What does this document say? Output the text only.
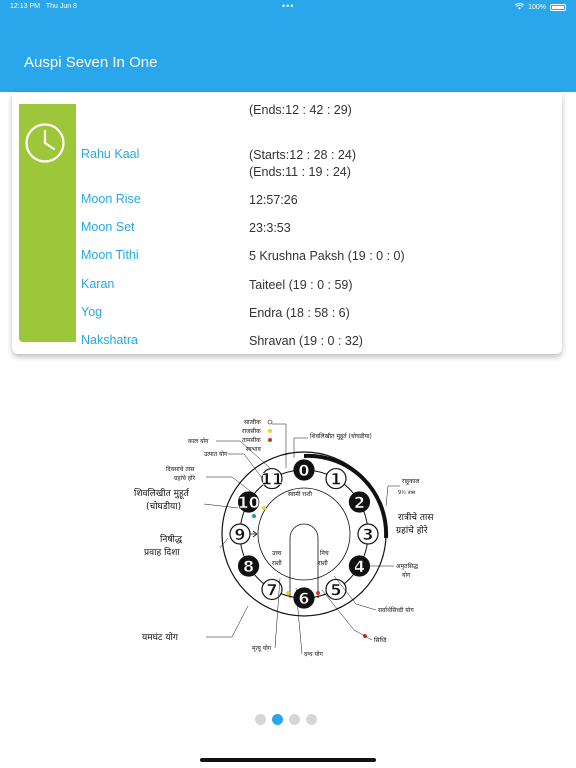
12:13 PM Thu Jun 8	•••	100%
Auspi Seven In One
(Ends:12 : 42 : 29)
Rahu Kaal	(Starts:12 : 28 : 24)
(Ends:11 : 19 : 24)
Moon Rise	12:57:26
Moon Set	23:3:53
Moon Tithi	5 Krushna Paksh (19 : 0 : 0)
Karan	Taiteel (19 : 0 : 59)
Yog	Endra (18 : 58 : 6)
Nakshatra	Shravan (19 : 0 : 32)
0 1
2
3
4
5
6
7
8
9
10
11
सात्वीक
राजसीक
तामसीक
स्वभाव
काल योग
उत्पात योग
दिवसाचे तास
ग्रहांचे होरे
शिवलिखीत मुहूर्त (चोघडीया)
शिवलिखीत मुहूर्त
(चोघडीया)
निषीद्ध
प्रवाह दिशा
यमघंट योग
मृत्यू योग
दग्ध योग
सिध्दि
सर्वार्थसिध्दी योग
अमृतसिद्ध
योग
राहूकाल
9½ तास
रात्रीचे तास
ग्रहांचे होरे
स्वामी राशी
उच्च
राशी
निच
राशी
